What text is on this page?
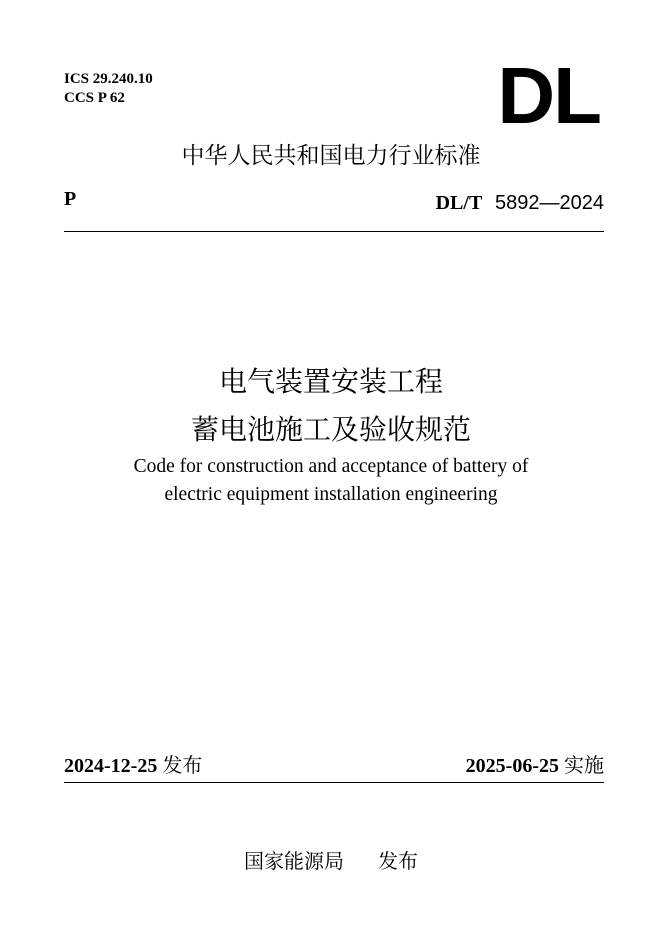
ICS 29.240.10
CCS P 62	DL
中华人民共和国电力行业标准
P	DL/T 5892—2024
电气装置安装工程
蓄电池施工及验收规范
Code for construction and acceptance of battery of
electric equipment installation engineering
2024-12-25 发布	2025-06-25 实施
国家能源局 发布
